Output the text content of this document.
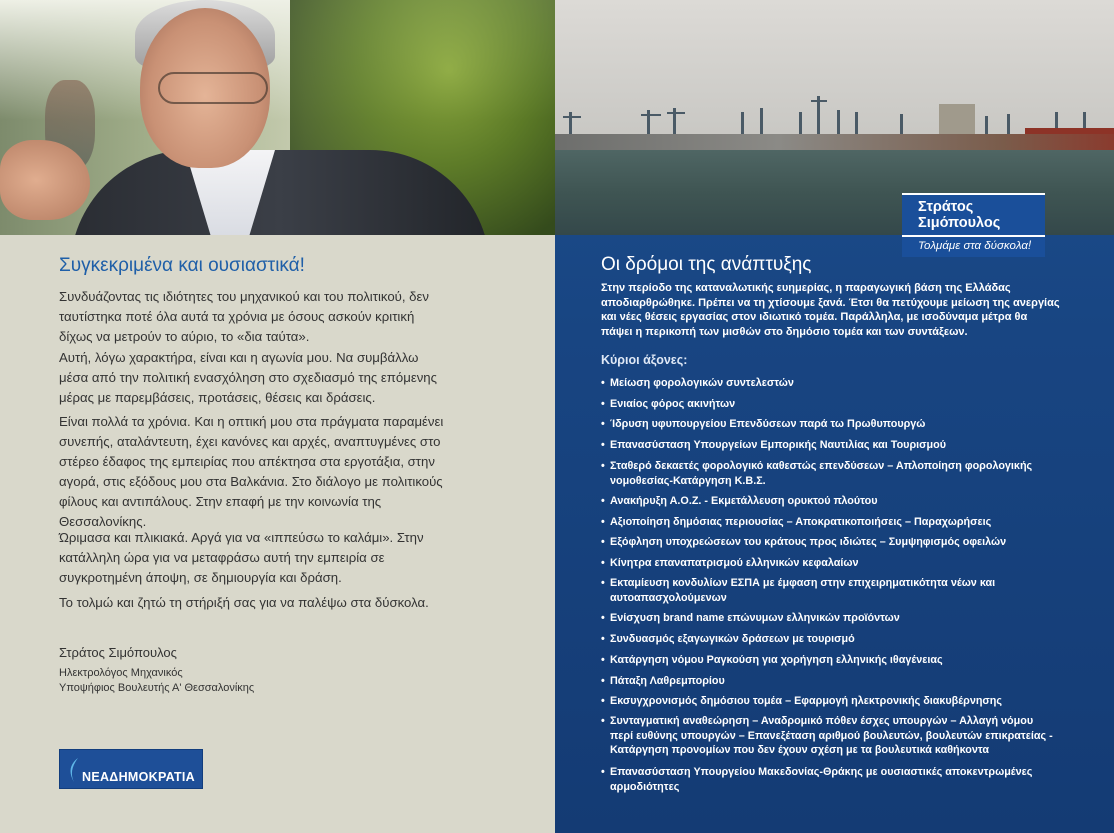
Στράτος Σιμόπουλος
Τολμάμε στα δύσκολα!
Συγκεκριμένα και ουσιαστικά!
Συνδυάζοντας τις ιδιότητες του μηχανικού και του πολιτικού, δεν ταυτίστηκα ποτέ όλα αυτά τα χρόνια με όσους ασκούν κριτική δίχως να μετρούν το αύριο, το «δια ταύτα».
Αυτή, λόγω χαρακτήρα, είναι και η αγωνία μου. Να συμβάλλω μέσα από την πολιτική ενασχόληση στο σχεδιασμό της επόμενης μέρας με παρεμβάσεις, προτάσεις, θέσεις και δράσεις.
Είναι πολλά τα χρόνια. Και η οπτική μου στα πράγματα παραμένει συνεπής, αταλάντευτη, έχει κανόνες και αρχές, αναπτυγμένες στο στέρεο έδαφος της εμπειρίας που απέκτησα στα εργοτάξια, στην αγορά, στις εξόδους μου στα Βαλκάνια. Στο διάλογο με πολιτικούς φίλους και αντιπάλους. Στην επαφή με την κοινωνία της Θεσσαλονίκης.
Ώριμασα και πλικιακά. Αργά για να «ιππεύσω το καλάμι». Στην κατάλληλη ώρα για να μεταφράσω αυτή την εμπειρία σε συγκροτημένη άποψη, σε δημιουργία και δράση.
Το τολμώ και ζητώ τη στήριξή σας για να παλέψω στα δύσκολα.
Στράτος Σιμόπουλος
Ηλεκτρολόγος Μηχανικός
Υποψήφιος Βουλευτής Α' Θεσσαλονίκης
ΝΕΑΔΗΜΟΚΡΑΤΙΑ
Οι δρόμοι της ανάπτυξης
Στην περίοδο της καταναλωτικής ευημερίας, η παραγωγική βάση της Ελλάδας αποδιαρθρώθηκε. Πρέπει να τη χτίσουμε ξανά. Έτσι θα πετύχουμε μείωση της ανεργίας και νέες θέσεις εργασίας στον ιδιωτικό τομέα. Παράλληλα, με ισοδύναμα μέτρα θα πάψει η περικοπή των μισθών στο δημόσιο τομέα και των συντάξεων.
Κύριοι άξονες:
• Μείωση φορολογικών συντελεστών
• Ενιαίος φόρος ακινήτων
• Ίδρυση υφυπουργείου Επενδύσεων παρά τω Πρωθυπουργώ
• Επανασύσταση Υπουργείων Εμπορικής Ναυτιλίας και Τουρισμού
• Σταθερό δεκαετές φορολογικό καθεστώς επενδύσεων – Απλοποίηση φορολογικής νομοθεσίας-Κατάργηση Κ.Β.Σ.
• Ανακήρυξη Α.Ο.Ζ. - Εκμετάλλευση ορυκτού πλούτου
• Αξιοποίηση δημόσιας περιουσίας – Αποκρατικοποιήσεις – Παραχωρήσεις
• Εξόφληση υποχρεώσεων του κράτους προς ιδιώτες – Συμψηφισμός οφειλών
• Κίνητρα επαναπατρισμού ελληνικών κεφαλαίων
• Εκταμίευση κονδυλίων ΕΣΠΑ με έμφαση στην επιχειρηματικότητα νέων και αυτοαπασχολούμενων
• Ενίσχυση brand name επώνυμων ελληνικών προϊόντων
• Συνδυασμός εξαγωγικών δράσεων με τουρισμό
• Κατάργηση νόμου Ραγκούση για χορήγηση ελληνικής ιθαγένειας
• Πάταξη Λαθρεμπορίου
• Εκσυγχρονισμός δημόσιου τομέα – Εφαρμογή ηλεκτρονικής διακυβέρνησης
• Συνταγματική αναθεώρηση – Αναδρομικό πόθεν έσχες υπουργών – Αλλαγή νόμου περί ευθύνης υπουργών – Επανεξέταση αριθμού βουλευτών, βουλευτών επικρατείας - Κατάργηση προνομίων που δεν έχουν σχέση με τα βουλευτικά καθήκοντα
• Επανασύσταση Υπουργείου Μακεδονίας-Θράκης με ουσιαστικές αποκεντρωμένες αρμοδιότητες
